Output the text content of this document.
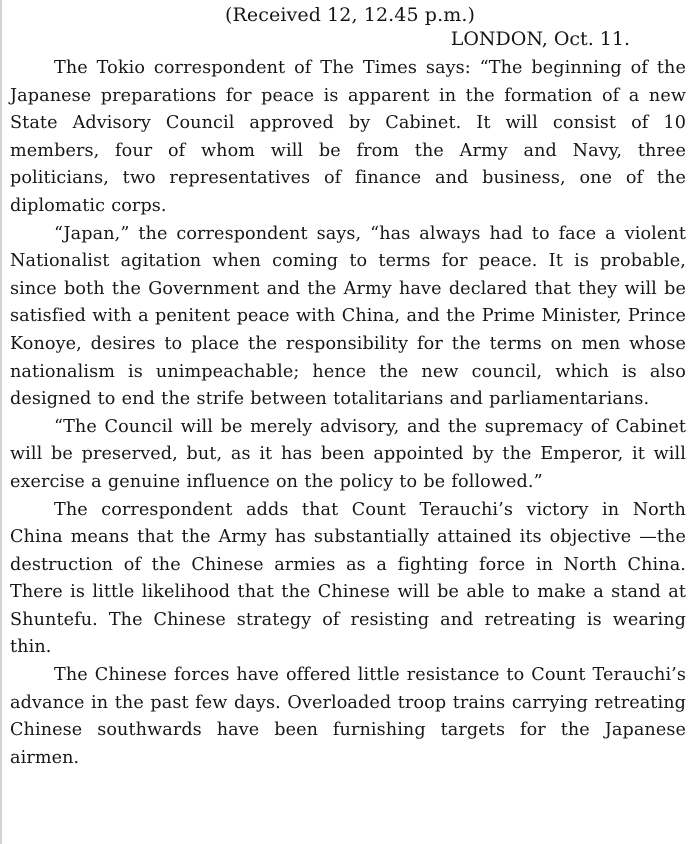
(Received 12, 12.45 p.m.)
LONDON, Oct. 11.

The Tokio correspondent of The Times says: “The beginning of the Japanese preparations for peace is apparent in the formation of a new State Advisory Council approved by Cabinet. It will consist of 10 members, four of whom will be from the Army and Navy, three politicians, two representatives of finance and business, one of the diplomatic corps.

“Japan,” the correspondent says, “has always had to face a violent Nationalist agitation when coming to terms for peace. It is probable, since both the Government and the Army have declared that they will be satisfied with a penitent peace with China, and the Prime Minister, Prince Konoye, desires to place the responsibility for the terms on men whose nationalism is unimpeachable; hence the new council, which is also designed to end the strife between totalitarians and parliamentarians.

“The Council will be merely advisory, and the supremacy of Cabinet will be preserved, but, as it has been appointed by the Emperor, it will exercise a genuine influence on the policy to be followed.”

The correspondent adds that Count Terauchi’s victory in North China means that the Army has substantially attained its objective —the destruction of the Chinese armies as a fighting force in North China. There is little likelihood that the Chinese will be able to make a stand at Shuntefu. The Chinese strategy of resisting and retreating is wearing thin.

The Chinese forces have offered little resistance to Count Terauchi’s advance in the past few days. Overloaded troop trains carrying retreating Chinese southwards have been furnishing targets for the Japanese airmen.
